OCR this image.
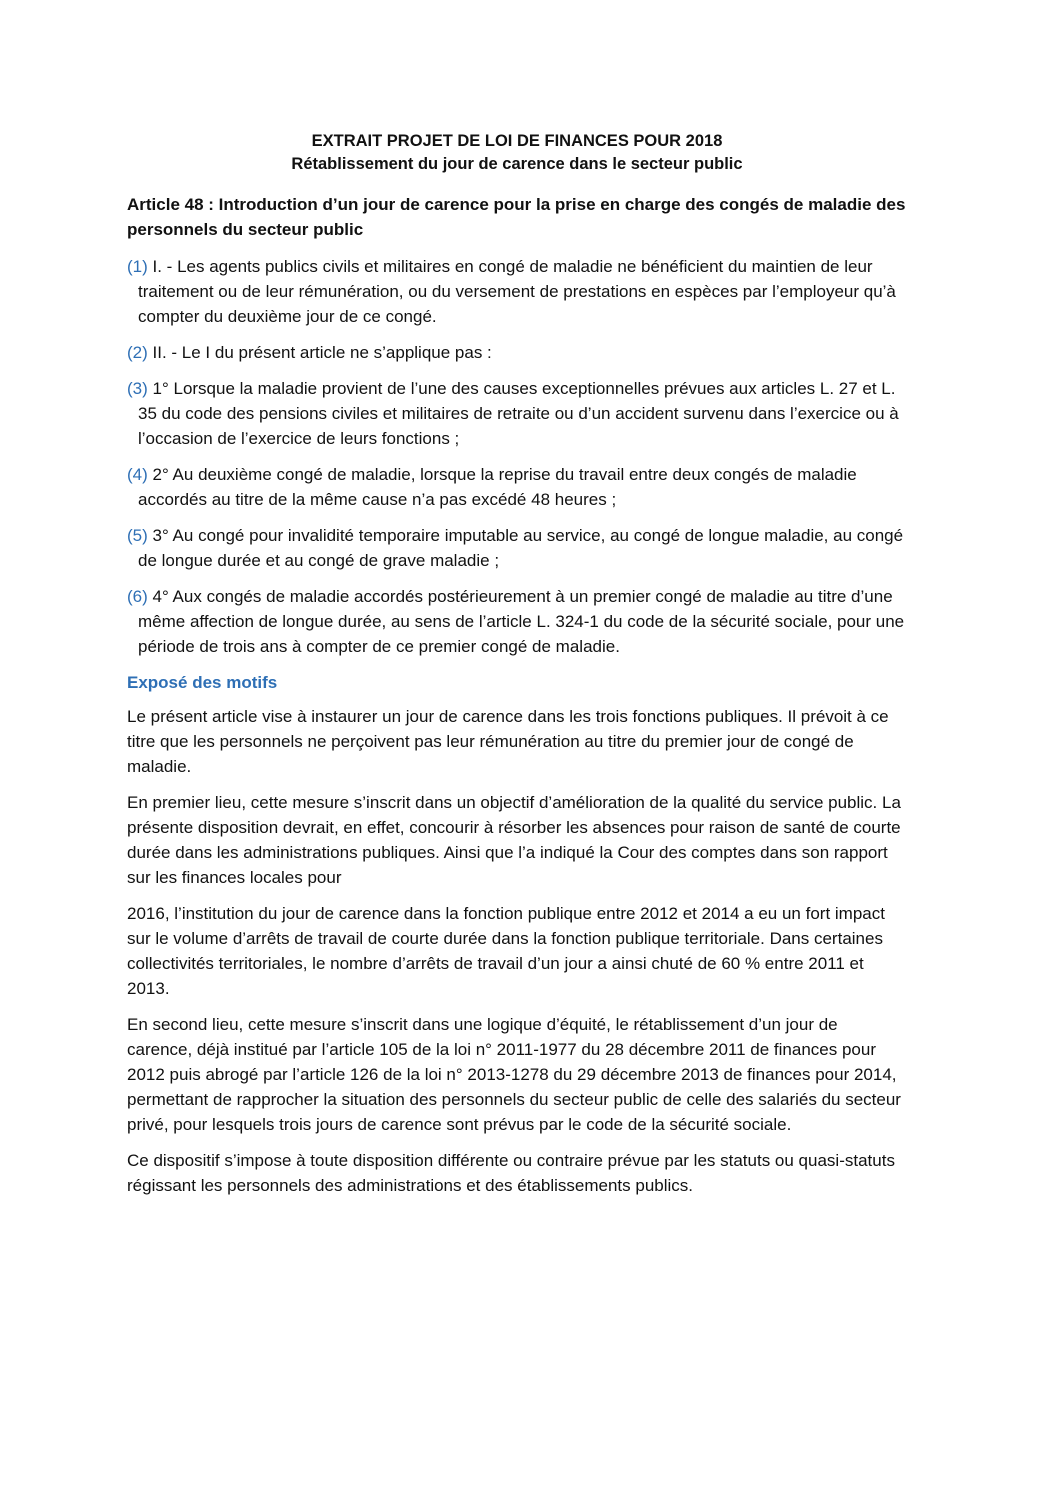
EXTRAIT PROJET DE LOI DE FINANCES POUR 2018
Rétablissement du jour de carence dans le secteur public
Article 48 : Introduction d’un jour de carence pour la prise en charge des congés de maladie des personnels du secteur public
(1) I. - Les agents publics civils et militaires en congé de maladie ne bénéficient du maintien de leur traitement ou de leur rémunération, ou du versement de prestations en espèces par l’employeur qu’à compter du deuxième jour de ce congé.
(2) II. - Le I du présent article ne s’applique pas :
(3) 1° Lorsque la maladie provient de l’une des causes exceptionnelles prévues aux articles L. 27 et L. 35 du code des pensions civiles et militaires de retraite ou d’un accident survenu dans l’exercice ou à l’occasion de l’exercice de leurs fonctions ;
(4) 2° Au deuxième congé de maladie, lorsque la reprise du travail entre deux congés de maladie accordés au titre de la même cause n’a pas excédé 48 heures ;
(5) 3° Au congé pour invalidité temporaire imputable au service, au congé de longue maladie, au congé de longue durée et au congé de grave maladie ;
(6) 4° Aux congés de maladie accordés postérieurement à un premier congé de maladie au titre d’une même affection de longue durée, au sens de l’article L. 324-1 du code de la sécurité sociale, pour une période de trois ans à compter de ce premier congé de maladie.
Exposé des motifs

Le présent article vise à instaurer un jour de carence dans les trois fonctions publiques. Il prévoit à ce titre que les personnels ne perçoivent pas leur rémunération au titre du premier jour de congé de maladie.

En premier lieu, cette mesure s’inscrit dans un objectif d’amélioration de la qualité du service public. La présente disposition devrait, en effet, concourir à résorber les absences pour raison de santé de courte durée dans les administrations publiques. Ainsi que l’a indiqué la Cour des comptes dans son rapport sur les finances locales pour

2016, l’institution du jour de carence dans la fonction publique entre 2012 et 2014 a eu un fort impact sur le volume d’arrêts de travail de courte durée dans la fonction publique territoriale. Dans certaines collectivités territoriales, le nombre d’arrêts de travail d’un jour a ainsi chuté de 60 % entre 2011 et 2013.

En second lieu, cette mesure s’inscrit dans une logique d’équité, le rétablissement d’un jour de carence, déjà institué par l’article 105 de la loi n° 2011-1977 du 28 décembre 2011 de finances pour 2012 puis abrogé par l’article 126 de la loi n° 2013-1278 du 29 décembre 2013 de finances pour 2014, permettant de rapprocher la situation des personnels du secteur public de celle des salariés du secteur privé, pour lesquels trois jours de carence sont prévus par le code de la sécurité sociale.

Ce dispositif s’impose à toute disposition différente ou contraire prévue par les statuts ou quasi-statuts régissant les personnels des administrations et des établissements publics.
